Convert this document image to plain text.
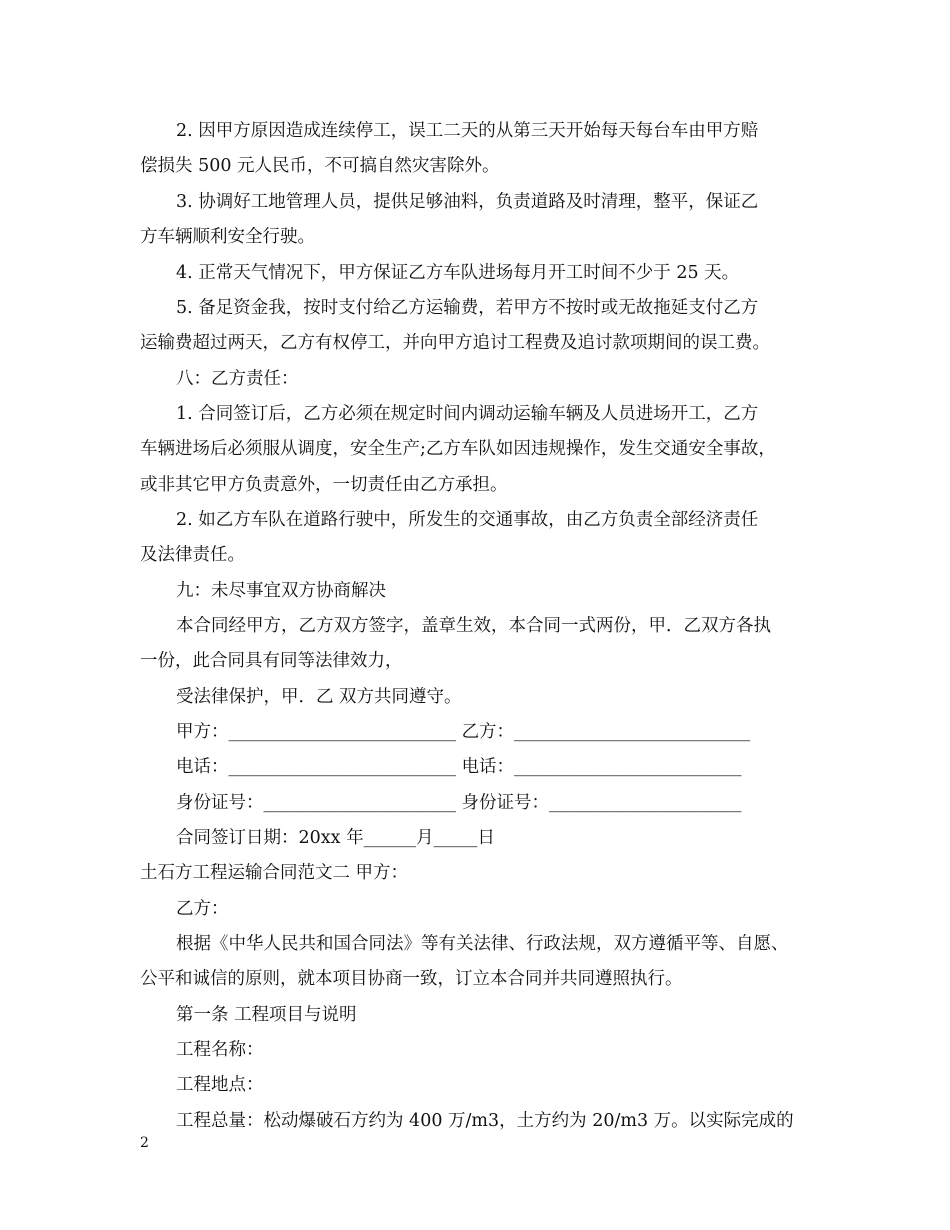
2. 因甲方原因造成连续停工，误工二天的从第三天开始每天每台车由甲方赔
偿损失 500 元人民币，不可搞自然灾害除外。
3. 协调好工地管理人员，提供足够油料，负责道路及时清理，整平，保证乙
方车辆顺利安全行驶。
4. 正常天气情况下，甲方保证乙方车队进场每月开工时间不少于 25 天。
5. 备足资金我，按时支付给乙方运输费，若甲方不按时或无故拖延支付乙方
运输费超过两天，乙方有权停工，并向甲方追讨工程费及追讨款项期间的误工费。
八：乙方责任：
1. 合同签订后，乙方必须在规定时间内调动运输车辆及人员进场开工，乙方
车辆进场后必须服从调度，安全生产;乙方车队如因违规操作，发生交通安全事故，
或非其它甲方负责意外，一切责任由乙方承担。
2. 如乙方车队在道路行驶中，所发生的交通事故，由乙方负责全部经济责任
及法律责任。
九：未尽事宜双方协商解决
本合同经甲方，乙方双方签字，盖章生效，本合同一式两份，甲．乙双方各执
一份，此合同具有同等法律效力，
受法律保护，甲．乙 双方共同遵守。
甲方：__________________________ 乙方：___________________________
电话：__________________________ 电话：__________________________
身份证号：______________________ 身份证号：______________________
合同签订日期：20xx 年______月_____日
土石方工程运输合同范文二 甲方：
乙方：
根据《中华人民共和国合同法》等有关法律、行政法规，双方遵循平等、自愿、
公平和诚信的原则，就本项目协商一致，订立本合同并共同遵照执行。
第一条 工程项目与说明
工程名称：
工程地点：
工程总量：松动爆破石方约为 400 万/m3，土方约为 20/m3 万。以实际完成的
2
